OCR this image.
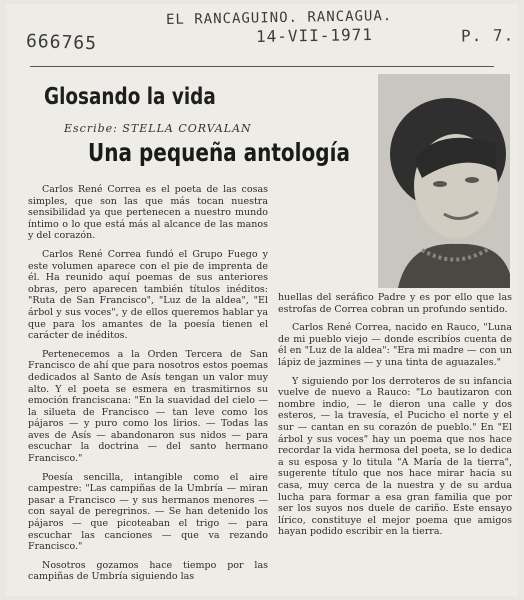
EL RANCAGUINO. RANCAGUA.
14-VII-1971	P. 7.
666765
Glosando la vida
Escribe: STELLA CORVALAN
Una pequeña antología

Carlos René Correa es el poeta de las cosas simples, que son las que más tocan nuestra sensibilidad ya que pertenecen a nuestro mundo íntimo o lo que está más al alcance de las manos y del corazón.

Carlos René Correa fundó el Grupo Fuego y este volumen aparece con el pie de imprenta de él. Ha reunido aquí poemas de sus anteriores obras, pero aparecen también títulos inéditos: "Ruta de San Francisco", "Luz de la aldea", "El árbol y sus voces", y de ellos queremos hablar ya que para los amantes de la poesía tienen el carácter de inéditos.

Pertenecemos a la Orden Tercera de San Francisco de ahí que para nosotros estos poemas dedicados al Santo de Asís tengan un valor muy alto. Y el poeta se esmera en trasmitirnos su emoción franciscana: "En la suavidad del cielo — la silueta de Francisco — tan leve como los pájaros — y puro como los lirios. — Todas las aves de Asís — abandonaron sus nidos — para escuchar la doctrina — del santo hermano Francisco."

Poesía sencilla, intangible como el aire campestre: "Las campiñas de la Umbría — miran pasar a Francisco — y sus hermanos menores — con sayal de peregrinos. — Se han detenido los pájaros — que picoteaban el trigo — para escuchar las canciones — que va rezando Francisco."

Nosotros gozamos hace tiempo por las campiñas de Umbría siguiendo las

huellas del seráfico Padre y es por ello que las estrofas de Correa cobran un profundo sentido.

Carlos René Correa, nacido en Rauco, "Luna de mi pueblo viejo — donde escribíos cuenta de él en "Luz de la aldea": "Era mi madre — con un lápiz de jazmines — y una tinta de aguazales."

Y siguiendo por los derroteros de su infancia vuelve de nuevo a Rauco: "Lo bautizaron con nombre indio, — le dieron una calle y dos esteros, — la travesía, el Pucicho el norte y el sur — cantan en su corazón de pueblo." En "El árbol y sus voces" hay un poema que nos hace recordar la vida hermosa del poeta, se lo dedica a su esposa y lo titula "A María de la tierra", sugerente título que nos hace mirar hacia su casa, muy cerca de la nuestra y de su ardua lucha para formar a esa gran familia que por ser los suyos nos duele de cariño. Este ensayo lírico, constituye el mejor poema que amigos hayan podido escribir en la tierra.
